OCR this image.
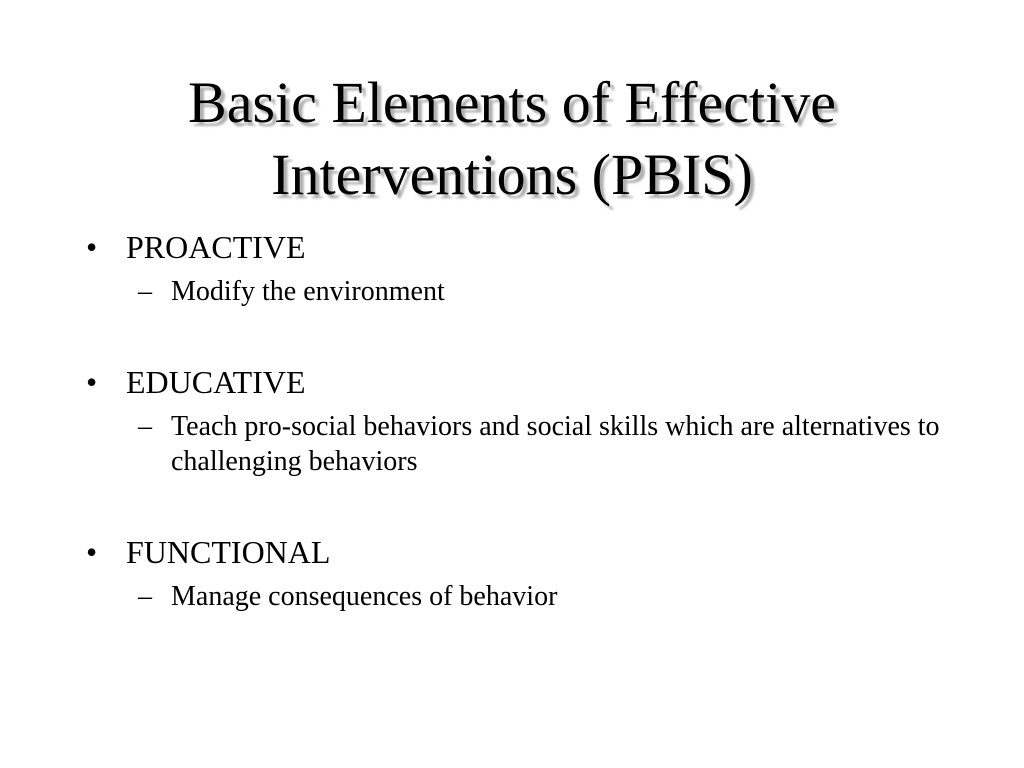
Basic Elements of Effective
Interventions (PBIS)
• PROACTIVE
– Modify the environment
• EDUCATIVE
– Teach pro-social behaviors and social skills which are alternatives to challenging behaviors
• FUNCTIONAL
– Manage consequences of behavior
